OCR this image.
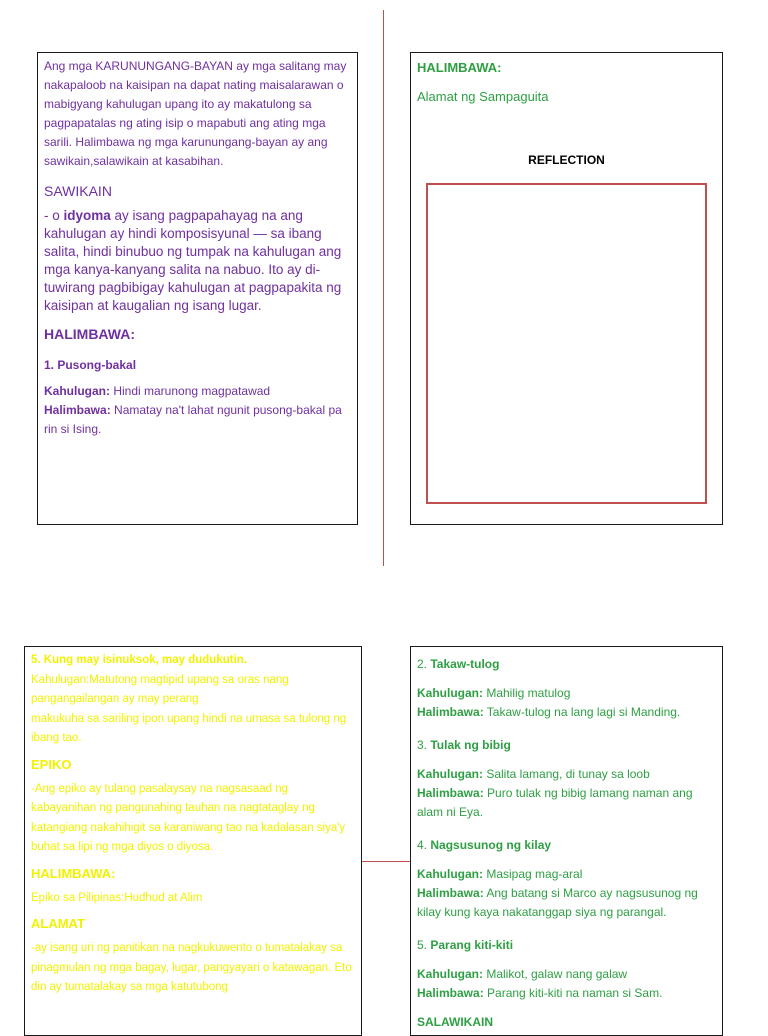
Ang mga KARUNUNGANG-BAYAN ay mga salitang may nakapaloob na kaisipan na dapat nating maisalarawan o mabigyang kahulugan upang ito ay makatulong sa pagpapatalas ng ating isip o mapabuti ang ating mga sarili. Halimbawa ng mga karunungang-bayan ay ang sawikain,salawikain at kasabihan.

SAWIKAIN

- o idyoma ay isang pagpapahayag na ang kahulugan ay hindi komposisyunal — sa ibang salita, hindi binubuo ng tumpak na kahulugan ang mga kanya-kanyang salita na nabuo. Ito ay di-tuwirang pagbibigay kahulugan at pagpapakita ng kaisipan at kaugalian ng isang lugar.

HALIMBAWA:
1. Pusong-bakal

Kahulugan: Hindi marunong magpatawad

Halimbawa: Namatay na't lahat ngunit pusong-bakal pa rin si Ising.

HALIMBAWA:
Alamat ng Sampaguita
REFLECTION

5. Kung may isinuksok, may dudukutin.

Kahulugan:Matutong magtipid upang sa oras nang pangangailangan ay may perang

makukuha sa sariling ipon upang hindi na umasa sa tulong ng ibang tao.

EPIKO

-Ang epiko ay tulang pasalaysay na nagsasaad ng kabayanihan ng pangunahing tauhan na nagtataglay ng katangiang nakahihigit sa karaniwang tao na kadalasan siya'y buhat sa lipi ng mga diyos o diyosa.

HALIMBAWA:

Epiko sa Pilipinas:Hudhud at Alim

ALAMAT

-ay isang uri ng panitikan na nagkukuwento o tumatalakay sa pinagmulan ng mga bagay, lugar, pangyayari o katawagan. Eto din ay tumatalakay sa mga katutubong

2. Takaw-tulog

Kahulugan: Mahilig matulog

Halimbawa: Takaw-tulog na lang lagi si Manding.

3. Tulak ng bibig

Kahulugan: Salita lamang, di tunay sa loob

Halimbawa: Puro tulak ng bibig lamang naman ang alam ni Eya.

4. Nagsusunog ng kilay

Kahulugan: Masipag mag-aral

Halimbawa: Ang batang si Marco ay nagsusunog ng kilay kung kaya nakatanggap siya ng parangal.

5. Parang kiti-kiti

Kahulugan: Malikot, galaw nang galaw

Halimbawa: Parang kiti-kiti na naman si Sam.

SALAWIKAIN
